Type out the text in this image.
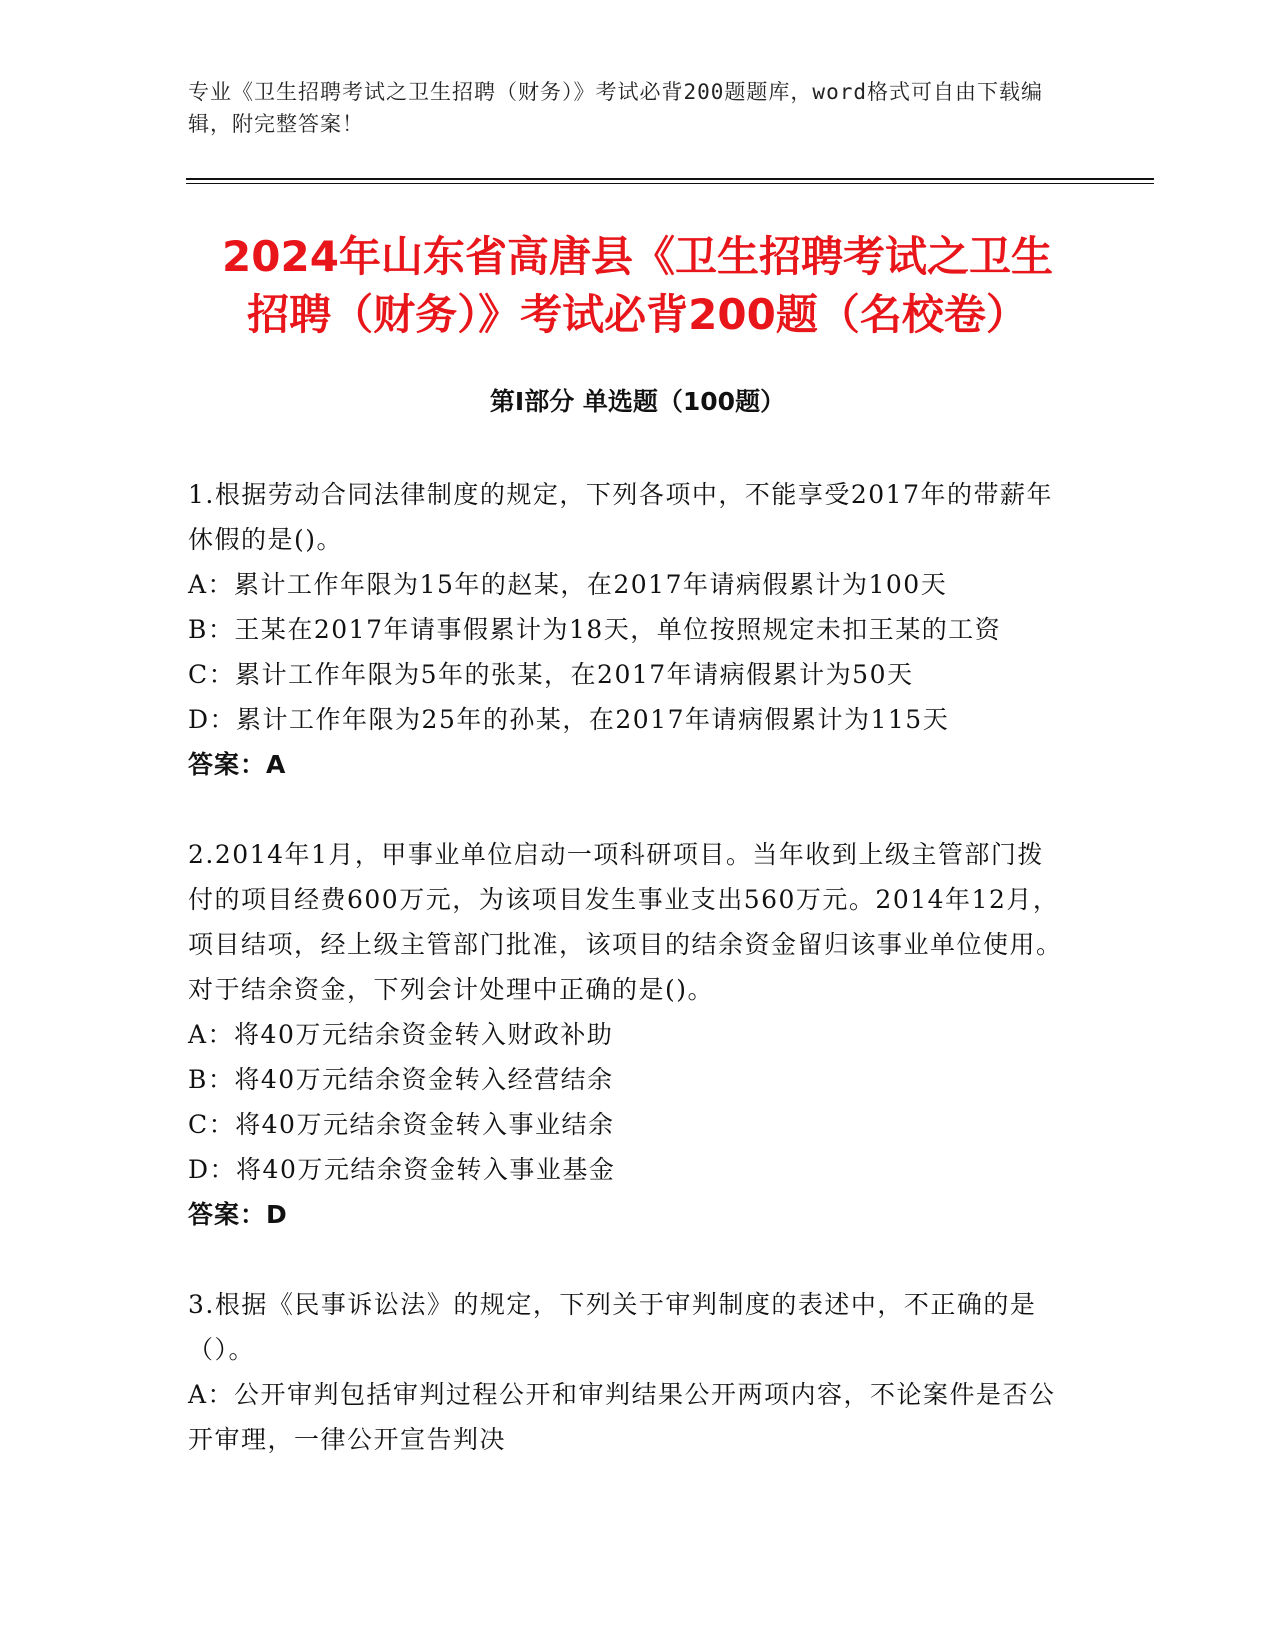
专业《卫生招聘考试之卫生招聘（财务）》考试必背200题题库，word格式可自由下载编辑，附完整答案！
2024年山东省高唐县《卫生招聘考试之卫生
招聘（财务）》考试必背200题（名校卷）
第Ⅰ部分 单选题（100题）

1.根据劳动合同法律制度的规定，下列各项中，不能享受2017年的带薪年休假的是()。

A：累计工作年限为15年的赵某，在2017年请病假累计为100天

B：王某在2017年请事假累计为18天，单位按照规定未扣王某的工资

C：累计工作年限为5年的张某，在2017年请病假累计为50天

D：累计工作年限为25年的孙某，在2017年请病假累计为115天

答案：A

2.2014年1月，甲事业单位启动一项科研项目。当年收到上级主管部门拨付的项目经费600万元，为该项目发生事业支出560万元。2014年12月，项目结项，经上级主管部门批准，该项目的结余资金留归该事业单位使用。对于结余资金，下列会计处理中正确的是()。

A：将40万元结余资金转入财政补助

B：将40万元结余资金转入经营结余

C：将40万元结余资金转入事业结余

D：将40万元结余资金转入事业基金

答案：D

3.根据《民事诉讼法》的规定，下列关于审判制度的表述中，不正确的是（）。

A：公开审判包括审判过程公开和审判结果公开两项内容，不论案件是否公开审理，一律公开宣告判决
